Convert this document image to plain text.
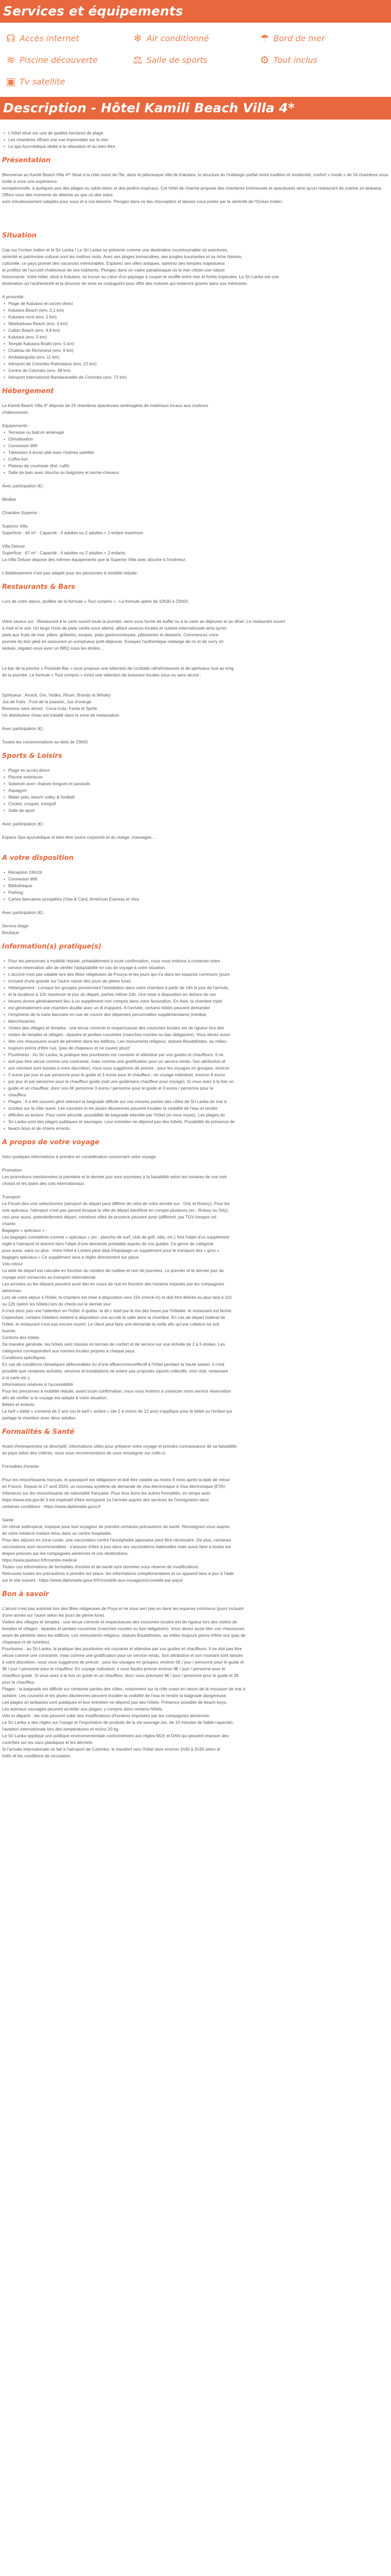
Services et équipements
☊ Accès internet	❄ Air conditionné	☂ Bord de mer
≋ Piscine découverte	⚖ Salle de sports	⚙ Tout inclus
▣ Tv satellite
Description - Hôtel Kamili Beach Villa 4*
• L'hôtel situé sur une de quelles hectares de plage
• Les chambres offrant une vue imprenable sur la mer
• Le spa Ayurvédique dédié à la relaxation et au bien-être
Présentation

Bienvenue au Kamili Beach Villa 4*! Situé à la côte ouest de l'île, dans le pittoresque ville de Kalutara, la structure du l'mélange parfait entre tradition et modernité, confort « mode » de 24 chambres vous invite à vivre une expérience

exceptionnelle, à quelques pas des plages au sable blanc et des jardins tropicaux. Cet hôtel de charme propose des chambres lumineuses et spacieuses ainsi qu'un restaurant de cuisine sri lankaise. Offrez-vous des moments de détente au spa où des soins

sont minutieusement adaptés pour vous et à vos besoins. Plongez dans ce lieu d'exception et laissez-vous porter par la sérénité de l'Océan Indien.

Situation

Cap sur l'océan Indien et le Sri Lanka ! Le Sri Lanka se présente comme une destination incontournable où aventures,

sérénité et patrimoine culturel sont les maîtres mots. Avec ses plages immaculées, ses jungles luxuriantes et sa riche histoire,

culturelle, ce pays promet des vacances mémorables. Explorez ses villes antiques, admirez des temples majestueux

et profitez de l'accueil chaleureux de ses habitants. Plongez dans un cadre paradisiaque où la mer côtoie une nature

foisonnante. Votre hôtel, situé à Kalutara, se trouve au cœur d'un paysage à couper le souffle entre mer et forêts tropicales. Le Sri Lanka est une

destination où l'authenticité et la douceur de vivre se conjuguent pour offrir des instants qui resteront gravés dans vos mémoires.

A proximité :

• Plage de Kalutara en accès direct
• Kalutara Beach (env. 2,1 km)
• Kalutara nord (env. 2 km)
• Waskaduwa Beach (env. 4 km)
• Calido Beach (env. 4,8 km)
• Kalutara (env. 5 km)
• Temple Kalutara Bodhi (env. 5 km)
• Chateau de Richmond (env. 6 km)
• Ambalangoda (env. 11 km)
• Aéroport de Colombo-Ratmalana (env. 22 km)
• Centre de Colombo (env. 38 km)
• Aéroport international Bandaranaike de Colombo (env. 71 km)
Hébergement

Le Kamili Beach Villa 4* dispose de 25 chambres spacieuses aménagées de matériaux locaux aux couleurs

chaleureuses.

Equipements :

• Terrasse ou balcon aménagé
• Climatisation
• Connexion Wifi
• Télévision à écran plat avec chaînes satellite
• Coffre-fort
• Plateau de courtoisie (thé, café)
• Salle de bain avec douche ou baignoire et sèche-cheveux

Avec participation (€) :

Minibar

Chambre Superior :

Superior Villa

Superficie : 44 m² - Capacité : 3 adultes ou 2 adultes + 1 enfant maximum

Villa Deluxe

Superficie : 67 m² - Capacité : 4 adultes ou 2 adultes + 2 enfants

La Villa Deluxe dispose des mêmes équipements que la Superior Villa avec douche à l'extérieur.

L'établissement n'est pas adapté pour les personnes à mobilité réduite.

Restaurants & Bars

Lors de votre séjour, profitez de la formule « Tout compris » : La formule opère de 10h30 à 23h00.

Votre saveur sur : Restaurant à la carte ouvert toute la journée, servi sous forme de buffet ou à la carte au déjeuner et au dîner. Le restaurant ouvert

à midi et le soir. Un large choix de plats variés vous attend, alliant saveurs locales et cuisine internationale ainsi qu'en

plats aux fruits de mer, pâtes, grillades, soupes, plats gastronomiques, pâtisseries et desserts. Commencez votre

journée du bon pied en savourant un somptueux petit-déjeuner. Essayez l'authentique mélange de riz et de curry sri

lankais, régalez-vous avec un BBQ sous les étoiles...

Le bar de la piscine « Poolside Bar » vous propose une sélection de cocktails rafraîchissants et de spiritueux tout au long

de la journée. Le formule « Tout compris » inclut une sélection de boissons locales sous ou sans alcool :

Spiritueux : Arrack, Gin, Vodka, Rhum, Brandy et Whisky

Jus de fruits : Fruit de la passion, Jus d'orange

Boissons sans alcool : Coca-Cola, Fanta et Sprite

Un distributeur d'eau est installé dans la zone de restauration.

Avec participation (€) :

Toutes les consommations au-delà de 23h00

Sports & Loisirs
• Plage en accès direct
• Piscine extérieure
• Solarium avec chaises longues et parasols
• Aquagym
• Water polo, beach volley & football
• Cricket, croquet, minigolf
• Salle de sport

Avec participation (€) :

Espace Spa ayurvédique et bien-être (soins corporels et du visage, massages...

A votre disposition
• Réception 24h/24
• Connexion Wifi
• Bibliothèque
• Parking
• Cartes bancaires acceptées (Visa & Card, American Express et Visa

Avec participation (€) :

Service étage

Boutique

Information(s) pratique(s)
• Pour les personnes à mobilité réduite, préalablement à toute confirmation, nous vous invitons à contacter notre
• service réservation afin de vérifier l'adaptabilité en cas de voyage à votre situation.
• L'accord n'est pas valable lors des fêtes religieuses de Pourya et les jours qui n'a dans les espaces communs (jours
• incluant d'une grande sur l'autre raison des jours de pleine lune).
• Hébergement : Lorsque les groupes proviennent l'installation dans votre chambre à partir de 14h le jour de l'arrivée,
• et la doublure à 12h maximum le jour du départ, parfois même 10h. Une mise à disposition en dehors de ces
• heures donne généralement lieu à un supplément non compris dans votre facturation. En Asie, la chambre triple
• est généralement une chambre double avec un lit d'appoint. A l'arrivée, certains hôtels peuvent demander
• l'empreinte de la carte bancaire en vue de couvrir des dépenses personnelles supplémentaires (minibar,
• blanchisserie).
• Visites des villages et temples : une tenue correcte et respectueuse des coutumes locales est de rigueur lors des
• visites de temples et villages : épaules et jambes couvertes (manches courtes ou bas obligatoire). Vous devez aussi
• ôter vos chaussures avant de pénétrer dans les édifices. Les monuments religieux, statues Bouddhistes, au milieu
• toujours précis d'être nus, (pas de chapeaux et ne courez plus)!
• Pourboires : Au Sri Lanka, la pratique des pourboires est courante et attendue par vos guides et chauffeurs. Il ne
• doit pas être vécue comme une contrainte, mais comme une gratification pour un service rendu. Son attribution et
• son montant sont laissés à votre discrétion, nous vous suggérons de prévoir : pour les voyages en groupes, environ
• 5 euros par jour et par personne pour le guide et 3 euros pour le chauffeur ; en voyage individuel, environ 8 euros
• par jour et par personne pour le chauffeur-guide (soit une guide/sera chauffeur pour voyage). Si vous avez à la fois un
• guide et un chauffeur, donc vos 6€ personne 3 euros / personne pour le guide et 3 euros / personne pour le
• chauffeur.
• Plages : Il a été souvent géré relevant la baignade difficile sur ces meures parties des côtes de Sri Lanka de mai à
• octobre sur la côte ouest. Les courants et les pluies diluviennes peuvent troubler la visibilité de l'eau et rendre
• difficiles sa lecture. Pour votre sécurité, possibilité de baignade interdite par l'hôtel (et nous voyez). Les plages du
• Sri Lanka sont des plages publiques et sauvages. Leur entretien ne dépend pas des hôtels. Possibilité de présence de
• beach boys et de chiens errants.
A propos de votre voyage

Voici quelques informations à prendre en considération concernant votre voyage.

Promotion

Les promotions mentionnées la première et le dernier jour sont soumises à la faisabilité selon les horaires de vos vols

choisis et les dates des vols internationaux.

Transport

Le Forum des vols selectionnés (aéroport de départ peut différer de celui de votre arrivée sur : Orly et Roissy). Pour les

vols spéciaux, l'aéroport n'est pas garanti lorsque la ville de départ bénéficie en compte plusieurs (ex : Roissy ou Orly),

ceci pour aussi, potentiellement départ, certaines villes de province peuvent avoir (différent: par TGV lorsque vol

charter.

Bagages « spéciaux » :

Les bagages considérés comme « spéciaux » (ex : planche de surf, club de golf, vélo, etc.) font l'objet d'un supplément

réglé à l'aéroport et doivent faire l'objet d'une demande préalable auprès de vos guides. Ce genre de catégorie

pour aussi, sans ou plus : Votre hôtel à Lorient peut déjà d'équipage un supplément pour le transport des « gros »

bagages spéciaux « Ce supplément sera à régler directement sur place.

Vols retour

La date de départ est calculée en fonction du nombre de nuitées et non de journées. Le premier et le dernier jour du

voyage sont consacrés au transport international.

Les arrivées ou les départs peuvent avoir lieu en cours de nuit en fonction des horaires imposés par les compagnies

aériennes.

Lors de votre séjour à l'hôtel, la chambre est mise à disposition vers 15h (check-in) et doit être libérée au plus tard à 11h

ou 12h (selon les hôtels) lors du check-out le dernier jour.

Il n'est donc pas une l'attention en l'hôtel. A quitter. le dit c était par le ma dés heure par l'hôtelier. le restaurant est fermé.

Cependant, certains hôteliers mettent à disposition une accolé la salle dans la chambre. En cas de départ matinal de

l'hôtel, le restaurant n'est pas encore ouvert. Le client peut faire une demande la veille afin qu'une collation lui soit

fournie.

Conforts des hôtels

De manière générale, les hôtels sont classés en termes de confort et de service sur une échelle de 2 à 5 étoiles. Les

catégories correspondent aux normes locales propres à chaque pays.

Conditions spécifiques

En cas de conditions climatiques défavorables ou d'une affluence/sureffectif à l'hôtel pendant la haute saison, il n'est

possible que certaines activités, services et installations ne soient pas proposés (sports collectifs, mini club, restaurant

à la carte etc.).

Informations relatives à l'accessibilité

Pour les personnes à mobilité réduite, avant toute confirmation, nous vous invitons à contacter notre service réservation

afin de vérifier si le voyage est adapté à votre situation.

Bébés et enfants

Le tarif « bébé » s'entend de 2 ans (ou le tarif « enfant » (de 2 à moins de 12 ans) s'applique pour le bébé ou l'enfant qui

partage la chambre avec deux adultes.

Formalités & Santé

Avant d'entreprendre ce descriptif, informations utiles pour préparer votre voyage et prendre connaissance de sa faisabilité,

au pays selon des critères, nous vous recommandons de vous renseigner sur celle-ci.

Formalités d'entrée

Pour les ressortissants français, le passeport est obligatoire et doit être valable au moins 6 mois après la date de retour

en France. Depuis le 17 avril 2024, un nouveau système de demande de visa électronique à Visa électronique (ETA)

Infanteurs sur les ressortissants de nationalité française. Pour tous bons les autres formalités, en temps avec

https://www.eta.gov.lk/ Il est impératif d'être enregistré 1a l'arrivée auprès des services de l'immigration dans

certaines conditions : https://www.diplomatie.gouv.fr

Santé

Un climat subtropical, tropique pour tout voyageur de prendre certaines précautions de santé. Renseignez-vous auprès

de votre médecin traitant et/ou dans un centre hospitalier.

Pour des séjours en zone rurale, une vaccination contre l'encéphalite japonaise peut être nécessaire. De plus, certaines

vaccinations sont recommandées : s'assurer d'être à jour dans ses vaccinations habituelles mais aussi faire à toutes les

étapes prévues par les compagnies aériennes et vos destinations.

https://www.pasteur.fr/fr/centre-medical

Toutes ces informations de formalités d'entrée et de santé sont données sous réserve de modifications.

Retrouvez toutes les précautions à prendre sur place, les informations complémentaires et un appareil tenu à jour à l'aide

sur le site suivant : https://www.diplomatie.gouv.fr/fr/conseils-aux-voyageurs/conseils-par-pays/

Bon à savoir

L'alcool n'est pas autorisé lors des fêtes religieuses de Poya et ne vous sert pas en dans les espaces communs (jours incluant

d'une année sur l'autre selon les jours de pleine lune).

Visites des villages et temples : une tenue correcte et respectueuse des coutumes locales est de rigueur lors des visites de

temples et villages : épaules et jambes couvertes (manches courtes ou bas obligatoire). Vous devez aussi ôter vos chaussures

avant de pénétrer dans les édifices. Les monuments religieux, statues Bouddhistes, au milieu toujours précis d'être nus (pas de

chapeaux ni de lunettes).

Pourboires : au Sri Lanka, la pratique des pourboires est courante et attendue par vos guides et chauffeurs. Il ne doit pas être

vécue comme une contrainte, mais comme une gratification pour un service rendu. Son attribution et son montant sont laissés

à votre discrétion, nous vous suggérons de prévoir : pour les voyages en groupes, environ 5€ / jour / personne pour le guide et

3€ / jour / personne pour le chauffeur. En voyage individuel, il vous faudra prévoir environ 8€ / jour / personne pour le

chauffeur-guide. Si vous avez à la fois un guide et un chauffeur, donc vous prévoyez 6€ / jour / personne pour le guide et 3€

pour le chauffeur.

Plages : la baignade est difficile sur certaines parties des côtes, notamment sur la côte ouest en raison de la mousson de mai à

octobre. Les courants et les pluies diluviennes peuvent troubler la visibilité de l'eau et rendre la baignade dangereuse.

Les plages sri lankaises sont publiques et leur entretien ne dépend pas des hôtels. Présence possible de beach boys.

Les animaux sauvages peuvent accéder aux plages, y compris dans certains hôtels.

Vols et départs : les vols peuvent subir des modifications d'horaires imposées par les compagnies aériennes.

Le Sri Lanka a des règles sur l'usage et l'importation de produits de la vie sauvage (ex. de 10 minutes de faible capacité),

l'aviation internationale lors des températures et moins 20 kg.

Le Sri Lanka applique une politique environnementale conformément aux règles MLE et DAN qui peuvent imposer des

contrôles sur les sacs plastiques et les déchets.

Si l'arrivée internationale se fait à l'aéroport de Colombo, le transfert vers l'hôtel dure environ 1h30 à 2h30 selon le

trafic et les conditions de circulation.
